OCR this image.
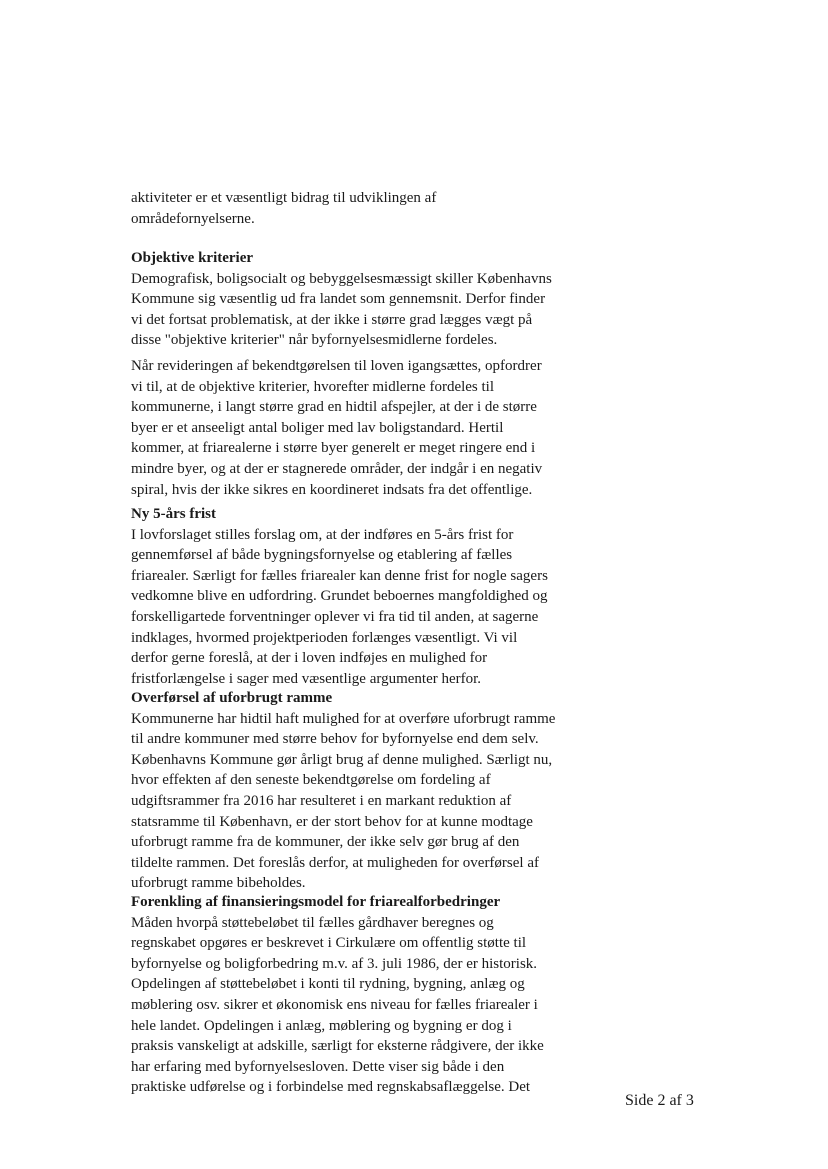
aktiviteter er et væsentligt bidrag til udviklingen af
områdefornyelserne.
Objektive kriterier
Demografisk, boligsocialt og bebyggelsesmæssigt skiller Københavns
Kommune sig væsentlig ud fra landet som gennemsnit. Derfor finder
vi det fortsat problematisk, at der ikke i større grad lægges vægt på
disse "objektive kriterier" når byfornyelsesmidlerne fordeles.
Når revideringen af bekendtgørelsen til loven igangsættes, opfordrer
vi til, at de objektive kriterier, hvorefter midlerne fordeles til
kommunerne, i langt større grad en hidtil afspejler, at der i de større
byer er et anseeligt antal boliger med lav boligstandard. Hertil
kommer, at friarealerne i større byer generelt er meget ringere end i
mindre byer, og at der er stagnerede områder, der indgår i en negativ
spiral, hvis der ikke sikres en koordineret indsats fra det offentlige.
Ny 5-års frist
I lovforslaget stilles forslag om, at der indføres en 5-års frist for
gennemførsel af både bygningsfornyelse og etablering af fælles
friarealer. Særligt for fælles friarealer kan denne frist for nogle sagers
vedkomne blive en udfordring. Grundet beboernes mangfoldighed og
forskelligartede forventninger oplever vi fra tid til anden, at sagerne
indklages, hvormed projektperioden forlænges væsentligt. Vi vil
derfor gerne foreslå, at der i loven indføjes en mulighed for
fristforlængelse i sager med væsentlige argumenter herfor.
Overførsel af uforbrugt ramme
Kommunerne har hidtil haft mulighed for at overføre uforbrugt ramme
til andre kommuner med større behov for byfornyelse end dem selv.
Københavns Kommune gør årligt brug af denne mulighed. Særligt nu,
hvor effekten af den seneste bekendtgørelse om fordeling af
udgiftsrammer fra 2016 har resulteret i en markant reduktion af
statsramme til København, er der stort behov for at kunne modtage
uforbrugt ramme fra de kommuner, der ikke selv gør brug af den
tildelte rammen. Det foreslås derfor, at muligheden for overførsel af
uforbrugt ramme bibeholdes.
Forenkling af finansieringsmodel for friarealforbedringer
Måden hvorpå støttebeløbet til fælles gårdhaver beregnes og
regnskabet opgøres er beskrevet i Cirkulære om offentlig støtte til
byfornyelse og boligforbedring m.v. af 3. juli 1986, der er historisk.
Opdelingen af støttebeløbet i konti til rydning, bygning, anlæg og
møblering osv. sikrer et økonomisk ens niveau for fælles friarealer i
hele landet. Opdelingen i anlæg, møblering og bygning er dog i
praksis vanskeligt at adskille, særligt for eksterne rådgivere, der ikke
har erfaring med byfornyelsesloven. Dette viser sig både i den
praktiske udførelse og i forbindelse med regnskabsaflæggelse. Det
Side 2 af 3
